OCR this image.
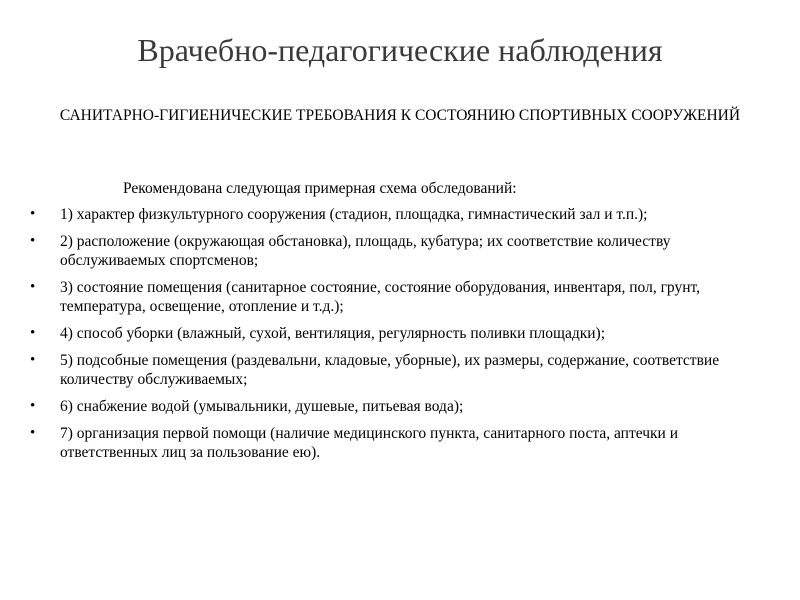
Врачебно-педагогические наблюдения
САНИТАРНО-ГИГИЕНИЧЕСКИЕ ТРЕБОВАНИЯ К СОСТОЯНИЮ СПОРТИВНЫХ СООРУЖЕНИЙ
Рекомендована следующая примерная схема обследований:
• 1) характер физкультурного сооружения (стадион, площадка, гимнастический зал и т.п.);
• 2) расположение (окружающая обстановка), площадь, кубатура; их соответствие количеству обслуживаемых спортсменов;
• 3) состояние помещения (санитарное состояние, состояние оборудования, инвентаря, пол, грунт, температура, освещение, отопление и т.д.);
• 4) способ уборки (влажный, сухой, вентиляция, регулярность поливки площадки);
• 5) подсобные помещения (раздевальни, кладовые, уборные), их размеры, содержание, соответствие количеству обслуживаемых;
• 6) снабжение водой (умывальники, душевые, питьевая вода);
• 7) организация первой помощи (наличие медицинского пункта, санитарного поста, аптечки и ответственных лиц за пользование ею).
